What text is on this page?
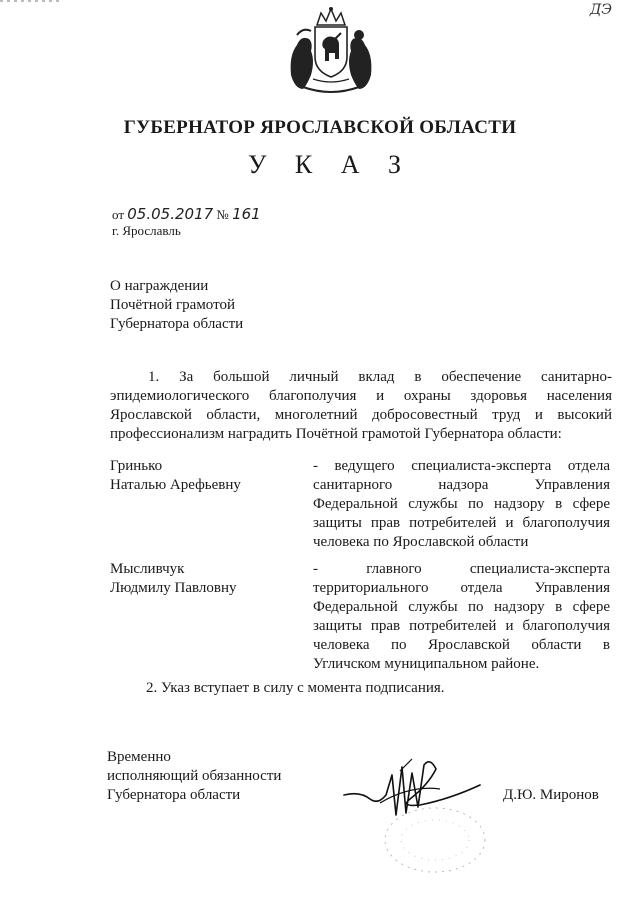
ДЭ
ГУБЕРНАТОР ЯРОСЛАВСКОЙ ОБЛАСТИ
У К А З
от 05.05.2017 № 161
г. Ярославль
О награждении
Почётной грамотой
Губернатора области
1. За большой личный вклад в обеспечение санитарно-эпидемиологического благополучия и охраны здоровья населения Ярославской области, многолетний добросовестный труд и высокий профессионализм наградить Почётной грамотой Губернатора области:
Гринько
Наталью Арефьевну
- ведущего специалиста-эксперта отдела санитарного надзора Управления Федеральной службы по надзору в сфере защиты прав потребителей и благополучия человека по Ярославской области
Мысливчук
Людмилу Павловну
- главного специалиста-эксперта территориального отдела Управления Федеральной службы по надзору в сфере защиты прав потребителей и благополучия человека по Ярославской области в Угличском муниципальном районе.
2. Указ вступает в силу с момента подписания.
Временно
исполняющий обязанности
Губернатора области	Д.Ю. Миронов
